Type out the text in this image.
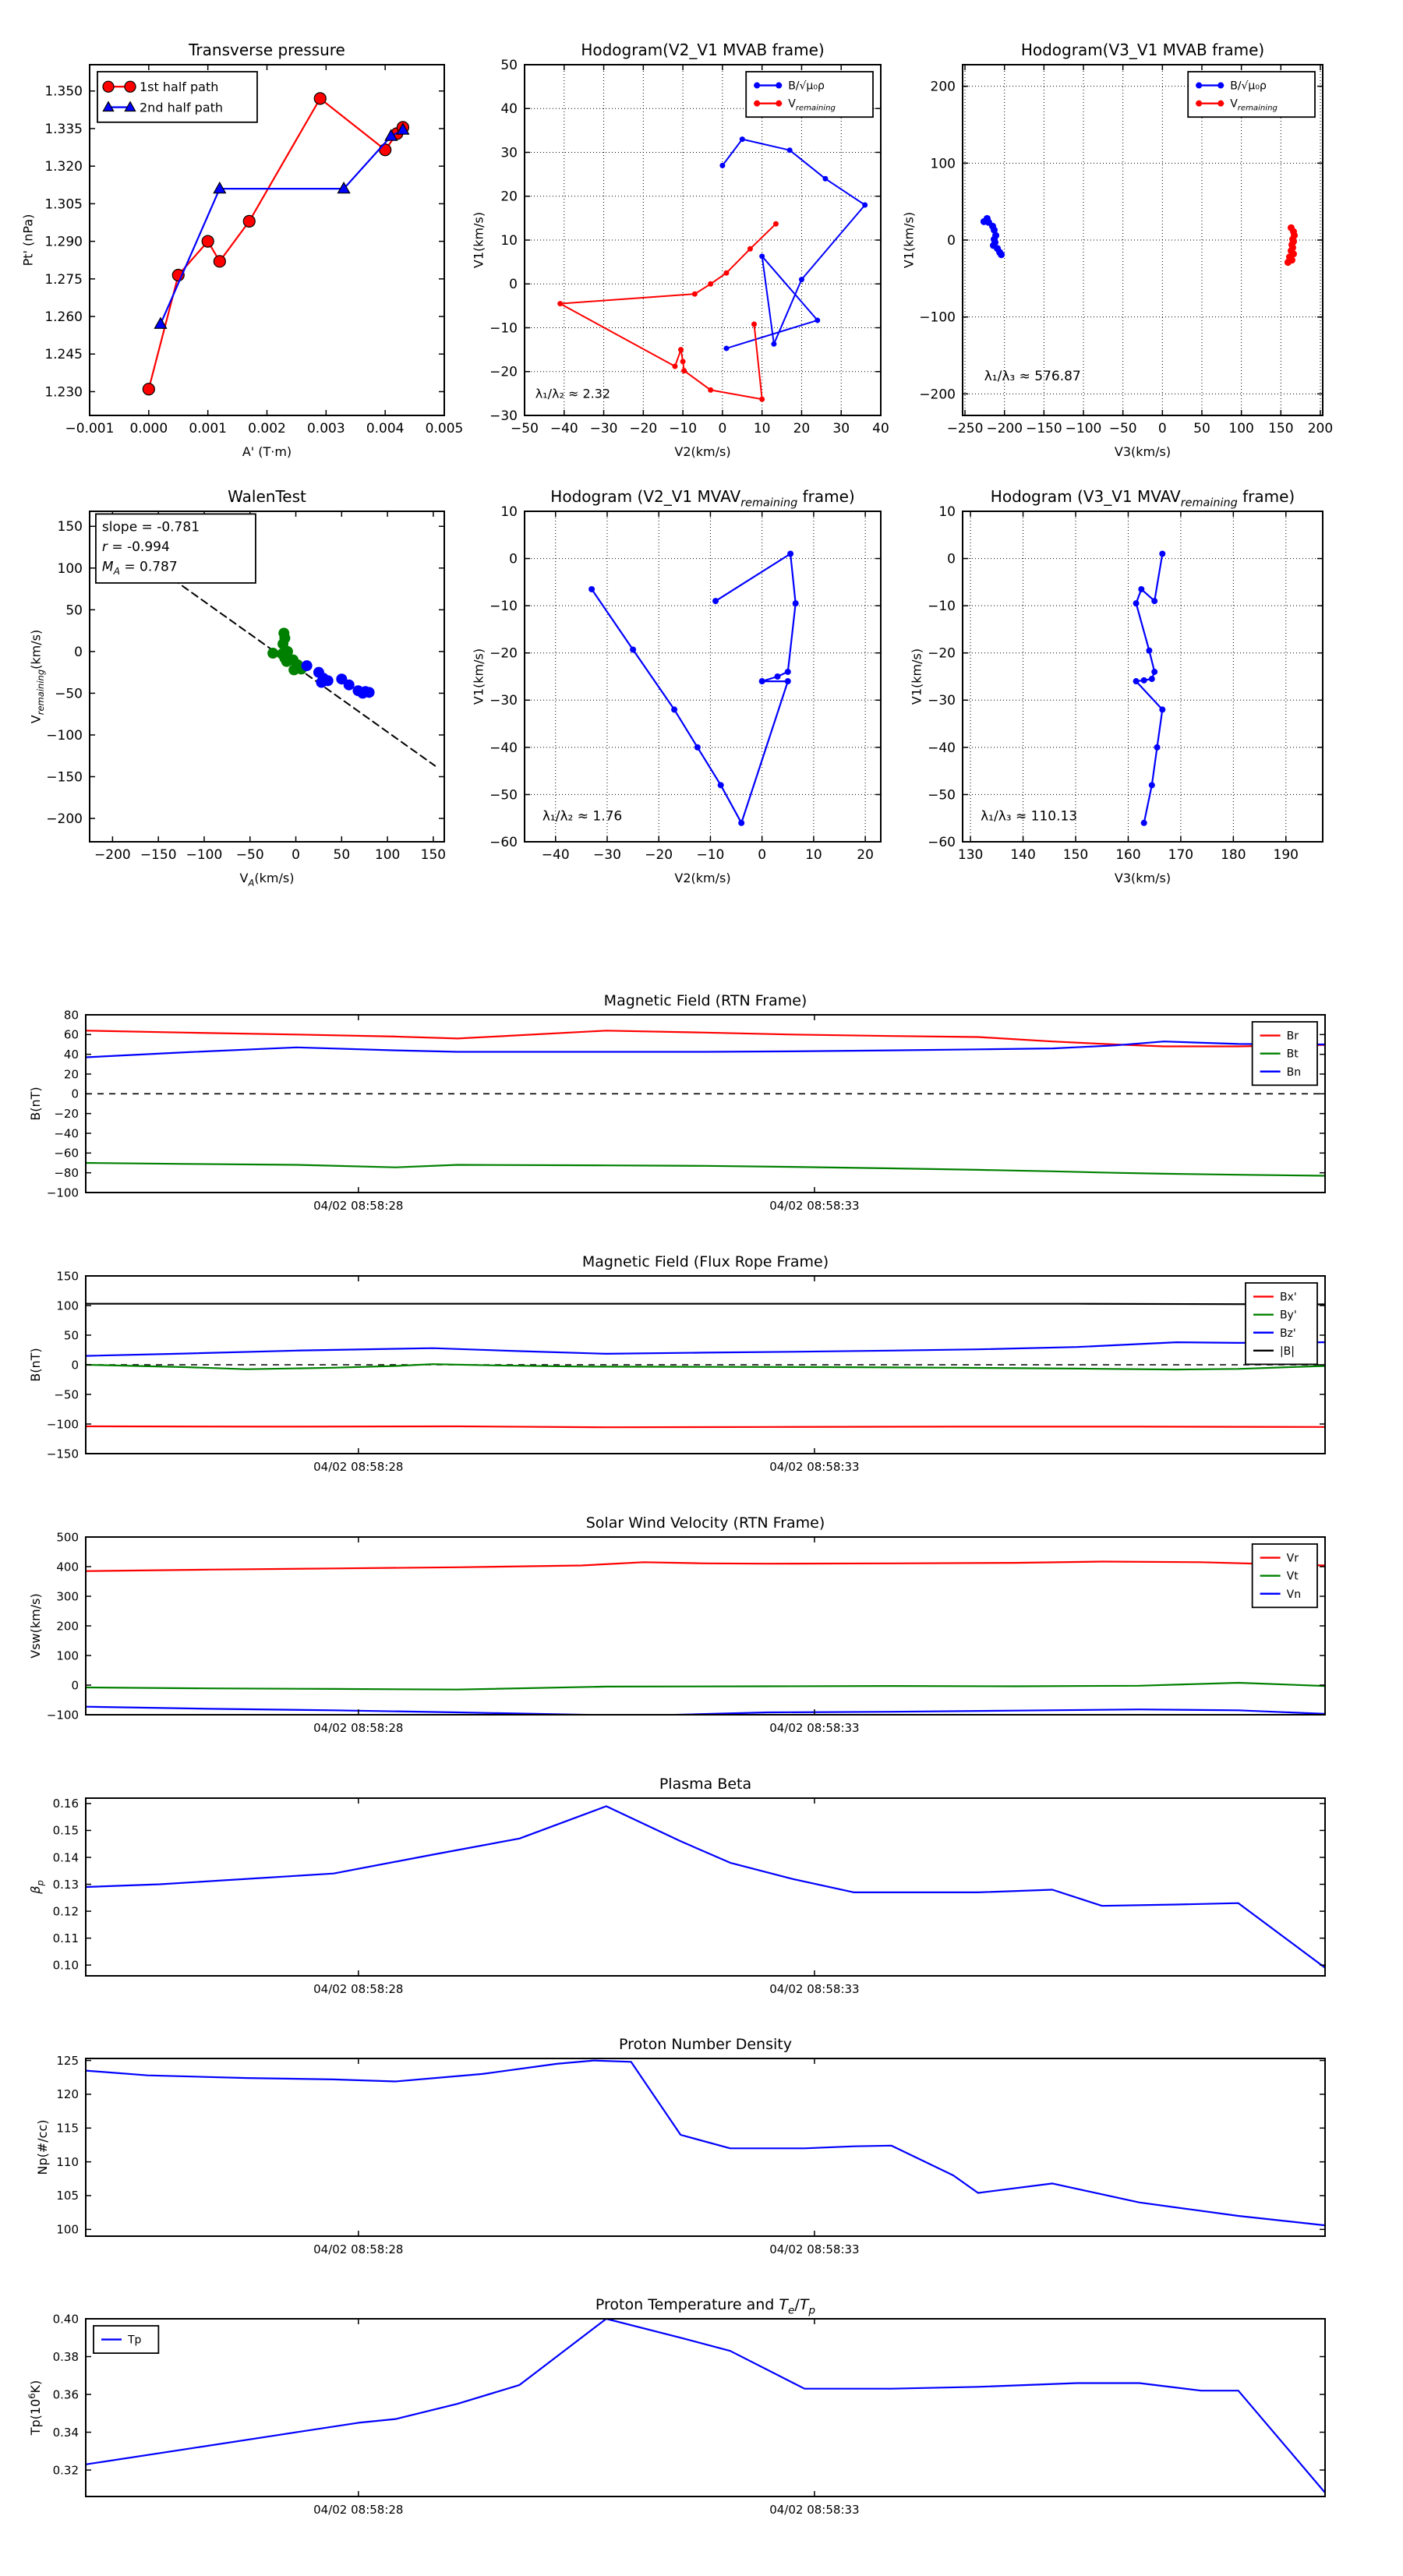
−0.001 0.000 0.001 0.002 0.003 0.004 0.005
1.230
1.245
1.260
1.275
1.290
1.305
1.320
1.335
1.350
Transverse pressure
A' (T·m)
Pt' (nPa)
1st half path
2nd half path
−50 −40 −30 −20 −10 0 10 20 30 40
−30
−20
−10
0
10
20
30
40
50
Hodogram(V2_V1 MVAB frame)
V2(km/s)
V1(km/s)
λ₁/λ₂ ≈ 2.32
B/√μ₀ρ
$V_{remaining}$
−250 −200 −150 −100 −50 0 50 100 150 200
−200
−100
0
100
200
Hodogram(V3_V1 MVAB frame)
V3(km/s)
V1(km/s)
λ₁/λ₃ ≈ 576.87
B/√μ₀ρ
$V_{remaining}$
−200 −150 −100 −50 0	50 100 150
150
100
50
0
−50
−100
−150
−200
WalenTest
$V_A(km/s)$
$V_{remaining}(km/s)$
slope = -0.781
r = -0.994
$M_A = 0.787$
−40 −30 −20 −10	0	10	20
10
0
−10
−20
−30
−40
−50
−60
Hodogram (V2_V1 $MVAV_{remaining}$ frame)
V2(km/s)
V1(km/s)
λ₁/λ₂ ≈ 1.76
130 140 150 160 170 180 190
10
0
−10
−20
−30
−40
−50
−60
Hodogram (V3_V1 $MVAV_{remaining}$ frame)
V3(km/s)
V1(km/s)
λ₁/λ₃ ≈ 110.13
04/02 08:58:28	04/02 08:58:33
80
60
40
20
0
−20
−40
−60
−80
−100
Magnetic Field (RTN Frame)
B(nT)
Br
Bt
Bn
04/02 08:58:28	04/02 08:58:33
150
100
50
0
−50
−100
−150
Magnetic Field (Flux Rope Frame)
B(nT)
Bx'
By'
Bz'
|B|
04/02 08:58:28	04/02 08:58:33
500
400
300
200
100
0
−100
Solar Wind Velocity (RTN Frame)
Vsw(km/s)
Vr
Vt
Vn
04/02 08:58:28	04/02 08:58:33
0.16
0.15
0.14
0.13
0.12
0.11
0.10
Plasma Beta
$\beta_p$
04/02 08:58:28	04/02 08:58:33
125
120
115
110
105
100
Proton Number Density
Np(#/cc)
04/02 08:58:28	04/02 08:58:33
0.40
0.38
0.36
0.34
0.32
Proton Temperature and $T_e/T_p$
$Tp(10^6K)$
Tp
